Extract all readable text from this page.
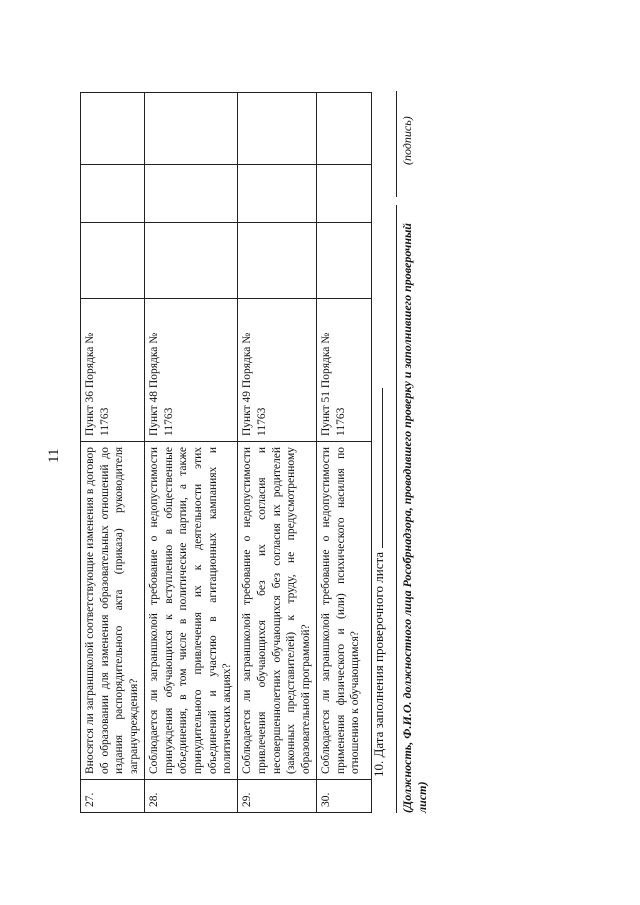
11
27.	Вносятся ли заграншколой соответствующие изменения в договор об образовании для изменения образовательных отношений до издания распорядительного акта (приказа) руководителя загранучреждения?	Пункт 36 Порядка № 11763			
28.	Соблюдается ли заграншколой требование о недопустимости принуждения обучающихся к вступлению в общественные объединения, в том числе в политические партии, а также принудительного привлечения их к деятельности этих объединений и участию в агитационных кампаниях и политических акциях?	Пункт 48 Порядка № 11763			
29.	Соблюдается ли заграншколой требование о недопустимости привлечения обучающихся без их согласия и несовершеннолетних обучающихся без согласия их родителей (законных представителей) к труду, не предусмотренному образовательной программой?	Пункт 49 Порядка № 11763			
30.	Соблюдается ли заграншколой требование о недопустимости применения физического и (или) психического насилия по отношению к обучающимся?	Пункт 51 Порядка № 11763			
10. Дата заполнения проверочного листа (Должность, Ф.И.О. должностного лица Рособрнадзора, проводившего проверку и заполнившего проверочный лист)
(подпись)
